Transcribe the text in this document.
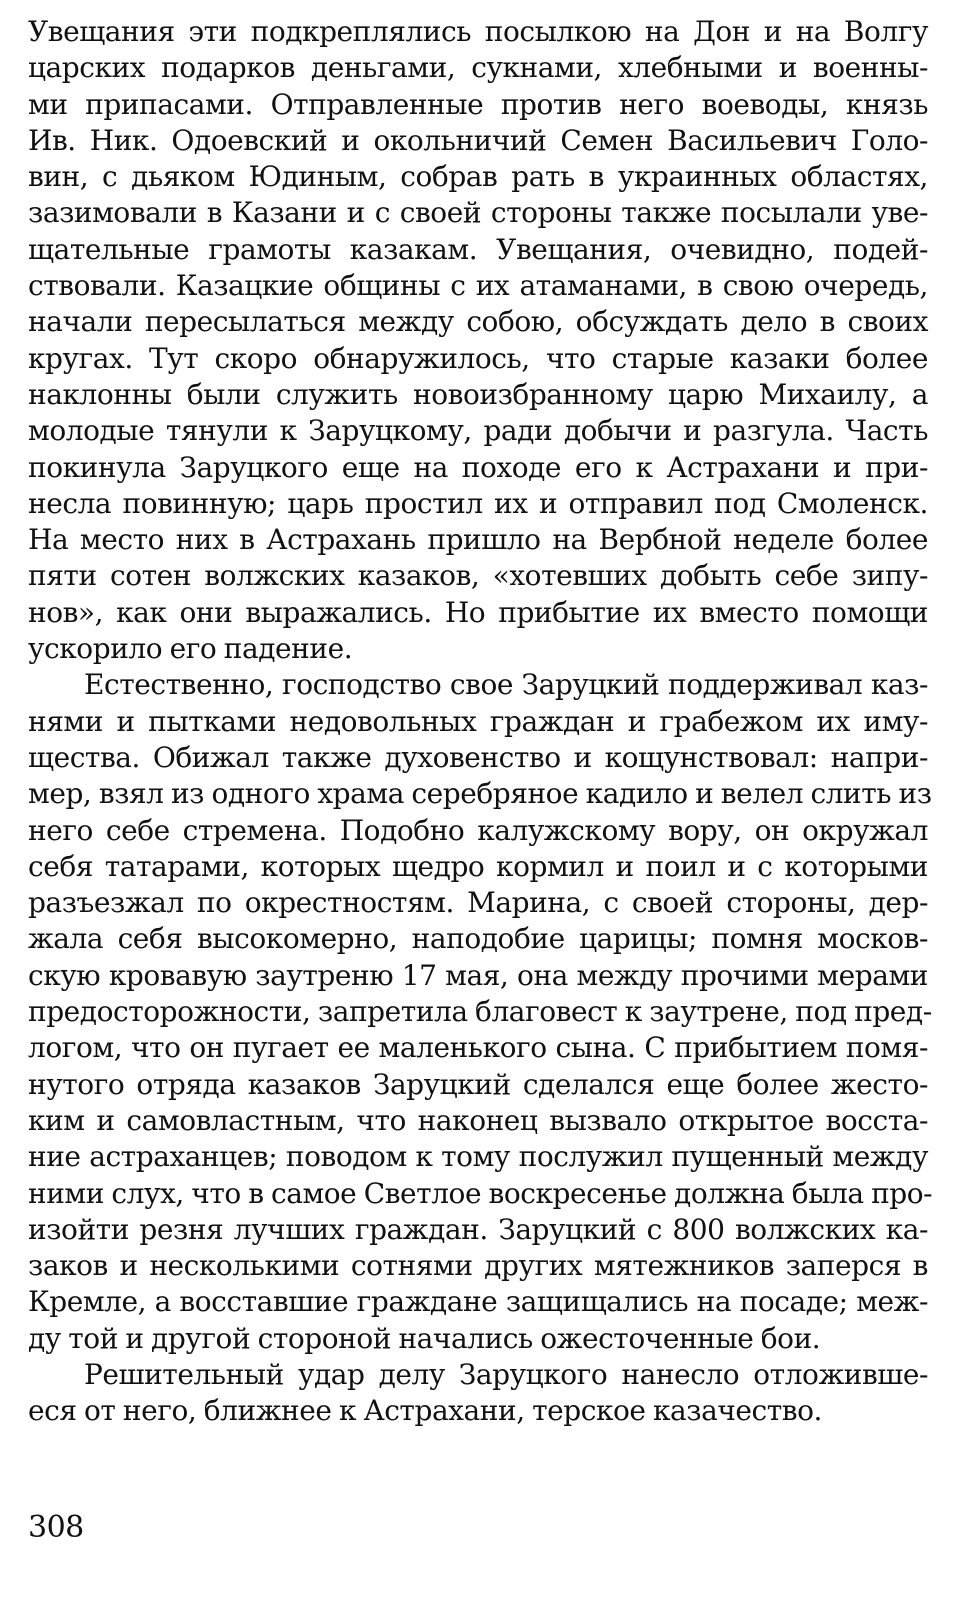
Увещания эти подкреплялись посылкою на Дон и на Волгу
царских подарков деньгами, сукнами, хлебными и военны-
ми припасами. Отправленные против него воеводы, князь
Ив. Ник. Одоевский и окольничий Семен Васильевич Голо-
вин, с дьяком Юдиным, собрав рать в украинных областях,
зазимовали в Казани и с своей стороны также посылали уве-
щательные грамоты казакам. Увещания, очевидно, подей-
ствовали. Казацкие общины с их атаманами, в свою очередь,
начали пересылаться между собою, обсуждать дело в своих
кругах. Тут скоро обнаружилось, что старые казаки более
наклонны были служить новоизбранному царю Михаилу, а
молодые тянули к Заруцкому, ради добычи и разгула. Часть
покинула Заруцкого еще на походе его к Астрахани и при-
несла повинную; царь простил их и отправил под Смоленск.
На место них в Астрахань пришло на Вербной неделе более
пяти сотен волжских казаков, «хотевших добыть себе зипу-
нов», как они выражались. Но прибытие их вместо помощи
ускорило его падение.
Естественно, господство свое Заруцкий поддерживал каз-
нями и пытками недовольных граждан и грабежом их иму-
щества. Обижал также духовенство и кощунствовал: напри-
мер, взял из одного храма серебряное кадило и велел слить из
него себе стремена. Подобно калужскому вору, он окружал
себя татарами, которых щедро кормил и поил и с которыми
разъезжал по окрестностям. Марина, с своей стороны, дер-
жала себя высокомерно, наподобие царицы; помня москов-
скую кровавую заутреню 17 мая, она между прочими мерами
предосторожности, запретила благовест к заутрене, под пред-
логом, что он пугает ее маленького сына. С прибытием помя-
нутого отряда казаков Заруцкий сделался еще более жесто-
ким и самовластным, что наконец вызвало открытое восста-
ние астраханцев; поводом к тому послужил пущенный между
ними слух, что в самое Светлое воскресенье должна была про-
изойти резня лучших граждан. Заруцкий с 800 волжских ка-
заков и несколькими сотнями других мятежников заперся в
Кремле, а восставшие граждане защищались на посаде; меж-
ду той и другой стороной начались ожесточенные бои.
Решительный удар делу Заруцкого нанесло отложивше-
еся от него, ближнее к Астрахани, терское казачество.
308
